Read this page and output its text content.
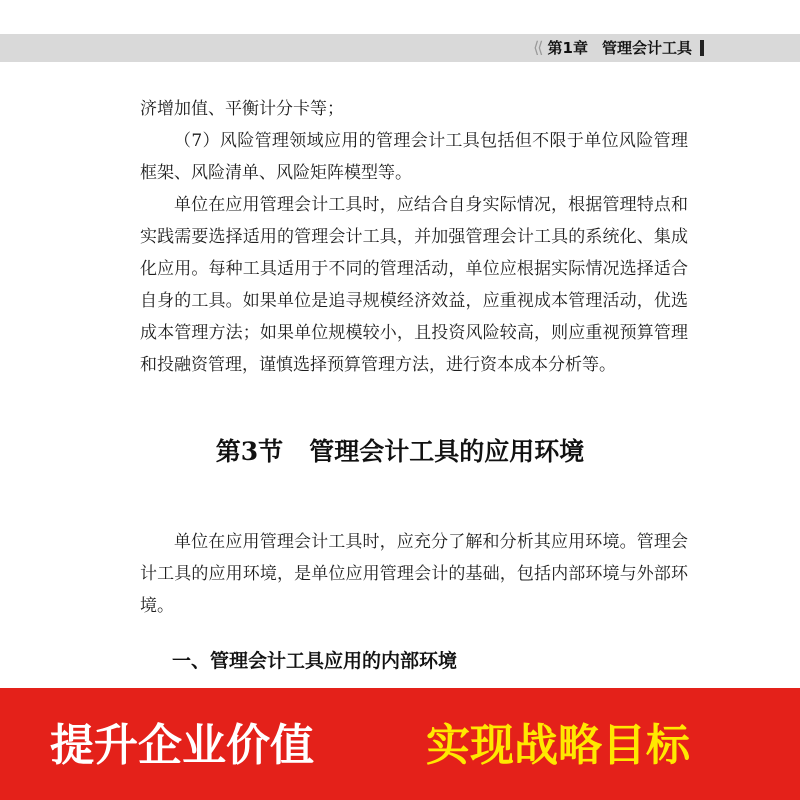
⟨⟨ 第1章 管理会计工具

济增加值、平衡计分卡等；

（7）风险管理领域应用的管理会计工具包括但不限于单位风险管理框架、风险清单、风险矩阵模型等。

单位在应用管理会计工具时，应结合自身实际情况，根据管理特点和实践需要选择适用的管理会计工具，并加强管理会计工具的系统化、集成化应用。每种工具适用于不同的管理活动，单位应根据实际情况选择适合自身的工具。如果单位是追寻规模经济效益，应重视成本管理活动，优选成本管理方法；如果单位规模较小，且投资风险较高，则应重视预算管理和投融资管理，谨慎选择预算管理方法，进行资本成本分析等。

第3节 管理会计工具的应用环境

单位在应用管理会计工具时，应充分了解和分析其应用环境。管理会计工具的应用环境，是单位应用管理会计的基础，包括内部环境与外部环境。

一、管理会计工具应用的内部环境
提升企业价值	实现战略目标
